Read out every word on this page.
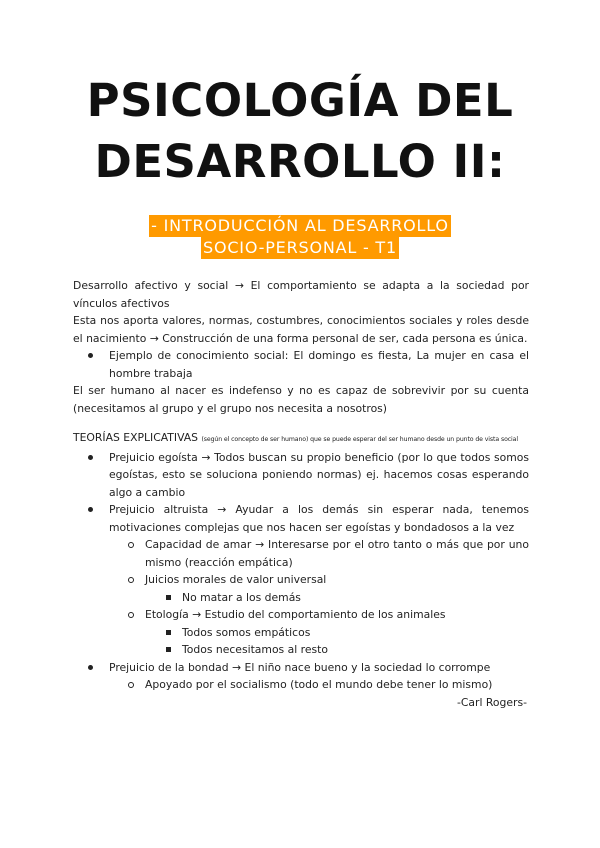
PSICOLOGÍA DEL
DESARROLLO II:
- INTRODUCCIÓN AL DESARROLLO
SOCIO-PERSONAL - T1

Desarrollo afectivo y social → El comportamiento se adapta a la sociedad por vínculos afectivos

Esta nos aporta valores, normas, costumbres, conocimientos sociales y roles desde el nacimiento → Construcción de una forma personal de ser, cada persona es única.

Ejemplo de conocimiento social: El domingo es fiesta, La mujer en casa el hombre trabaja

El ser humano al nacer es indefenso y no es capaz de sobrevivir por su cuenta (necesitamos al grupo y el grupo nos necesita a nosotros)

TEORÍAS EXPLICATIVAS (según el concepto de ser humano) que se puede esperar del ser humano desde un punto de vista social

Prejuicio egoísta → Todos buscan su propio beneficio (por lo que todos somos egoístas, esto se soluciona poniendo normas) ej. hacemos cosas esperando algo a cambio
Prejuicio altruista → Ayudar a los demás sin esperar nada, tenemos motivaciones complejas que nos hacen ser egoístas y bondadosos a la vez
Capacidad de amar → Interesarse por el otro tanto o más que por uno mismo (reacción empática)
Juicios morales de valor universal
No matar a los demás
Etología → Estudio del comportamiento de los animales
Todos somos empáticos
Todos necesitamos al resto
Prejuicio de la bondad → El niño nace bueno y la sociedad lo corrompe
Apoyado por el socialismo (todo el mundo debe tener lo mismo)

-Carl Rogers-
